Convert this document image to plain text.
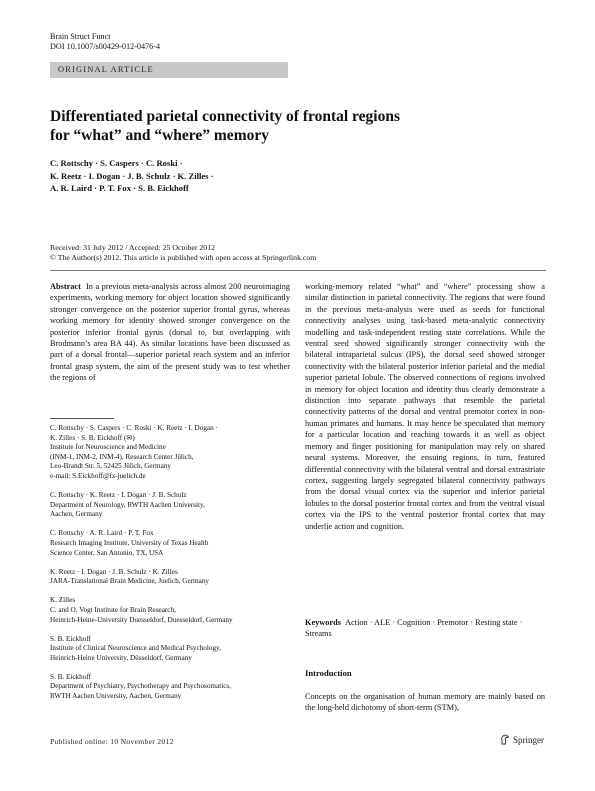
Brain Struct Funct
DOI 10.1007/s00429-012-0476-4
ORIGINAL ARTICLE
Differentiated parietal connectivity of frontal regions
for “what” and “where” memory
C. Rottschy · S. Caspers · C. Roski ·
K. Reetz · I. Dogan · J. B. Schulz · K. Zilles ·
A. R. Laird · P. T. Fox · S. B. Eickhoff
Received: 31 July 2012 / Accepted: 25 October 2012
© The Author(s) 2012. This article is published with open access at Springerlink.com
Abstract In a previous meta-analysis across almost 200 neuroimaging experiments, working memory for object location showed significantly stronger convergence on the posterior superior frontal gyrus, whereas working memory for identity showed stronger convergence on the posterior inferior frontal gyrus (dorsal to, but overlapping with Brodmann’s area BA 44). As similar locations have been discussed as part of a dorsal frontal—superior parietal reach system and an inferior frontal grasp system, the aim of the present study was to test whether the regions of
working-memory related “what” and “where” processing show a similar distinction in parietal connectivity. The regions that were found in the previous meta-analysis were used as seeds for functional connectivity analyses using task-based meta-analytic connectivity modelling and task-independent resting state correlations. While the ventral seed showed significantly stronger connectivity with the bilateral intraparietal sulcus (IPS), the dorsal seed showed stronger connectivity with the bilateral posterior inferior parietal and the medial superior parietal lobule. The observed connections of regions involved in memory for object location and identity thus clearly demonstrate a distinction into separate pathways that resemble the parietal connectivity patterns of the dorsal and ventral premotor cortex in non-human primates and humans. It may hence be speculated that memory for a particular location and reaching towards it as well as object memory and finger positioning for manipulation may rely on shared neural systems. Moreover, the ensuing regions, in turn, featured differential connectivity with the bilateral ventral and dorsal extrastriate cortex, suggesting largely segregated bilateral connectivity pathways from the dorsal visual cortex via the superior and inferior parietal lobules to the dorsal posterior frontal cortex and from the ventral visual cortex via the IPS to the ventral posterior frontal cortex that may underlie action and cognition.
C. Rottschy · S. Caspers · C. Roski · K. Reetz · I. Dogan ·
K. Zilles · S. B. Eickhoff (✉)
Institute for Neuroscience and Medicine
(INM-1, INM-2, INM-4), Research Center Jülich,
Leo-Brandt Str. 5, 52425 Jülich, Germany
e-mail: S.Eickhoff@fz-juelich.de
C. Rottschy · K. Reetz · I. Dogan · J. B. Schulz
Department of Neurology, RWTH Aachen University,
Aachen, Germany
C. Rottschy · A. R. Laird · P. T. Fox
Research Imaging Institute, University of Texas Health
Science Center, San Antonio, TX, USA
K. Reetz · I. Dogan · J. B. Schulz · K. Zilles
JARA-Translational Brain Medicine, Juelich, Germany
K. Zilles
C. and O. Vogt Institute for Brain Research,
Heinrich-Heine-University Duesseldorf, Duesseldorf, Germany
S. B. Eickhoff
Institute of Clinical Neuroscience and Medical Psychology,
Heinrich-Heine University, Düsseldorf, Germany
S. B. Eickhoff
Department of Psychiatry, Psychotherapy and Psychosomatics,
RWTH Aachen University, Aachen, Germany
Keywords Action · ALE · Cognition · Premotor · Resting state · Streams
Introduction
Concepts on the organisation of human memory are mainly based on the long-held dichotomy of short-term (STM),
Published online: 10 November 2012	Springer
